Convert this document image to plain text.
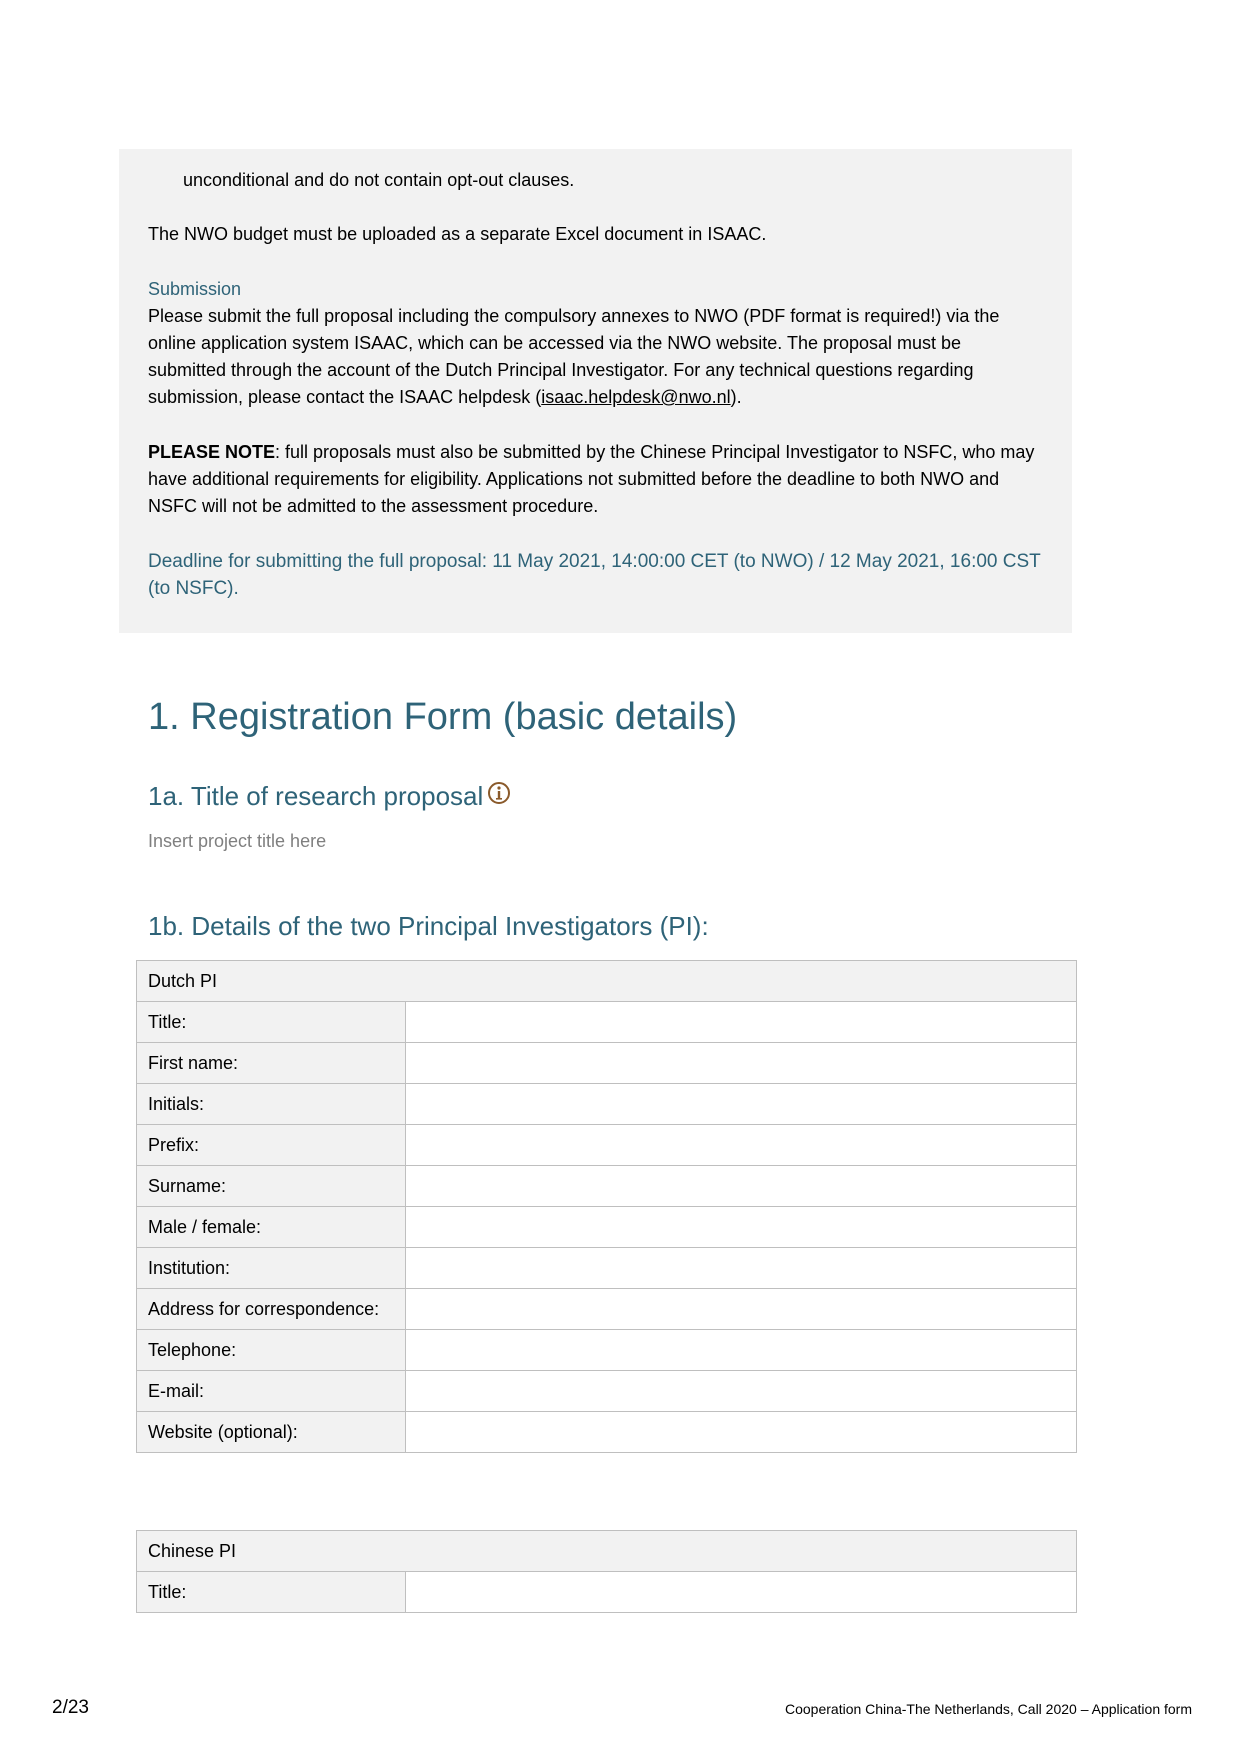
unconditional and do not contain opt-out clauses.
The NWO budget must be uploaded as a separate Excel document in ISAAC.
Submission
Please submit the full proposal including the compulsory annexes to NWO (PDF format is required!) via the
online application system ISAAC, which can be accessed via the NWO website. The proposal must be
submitted through the account of the Dutch Principal Investigator. For any technical questions regarding
submission, please contact the ISAAC helpdesk (isaac.helpdesk@nwo.nl).
PLEASE NOTE: full proposals must also be submitted by the Chinese Principal Investigator to NSFC, who may
have additional requirements for eligibility. Applications not submitted before the deadline to both NWO and
NSFC will not be admitted to the assessment procedure.
Deadline for submitting the full proposal: 11 May 2021, 14:00:00 CET (to NWO) / 12 May 2021, 16:00 CST
(to NSFC).
1. Registration Form (basic details)
1a. Title of research proposal
Insert project title here
1b. Details of the two Principal Investigators (PI):
Dutch PI	
Title:	
First name:	
Initials:	
Prefix:	
Surname:	
Male / female:	
Institution:	
Address for correspondence:	
Telephone:	
E-mail:	
Website (optional):	
Chinese PI
Title:	
2/23	Cooperation China-The Netherlands, Call 2020 – Application form
